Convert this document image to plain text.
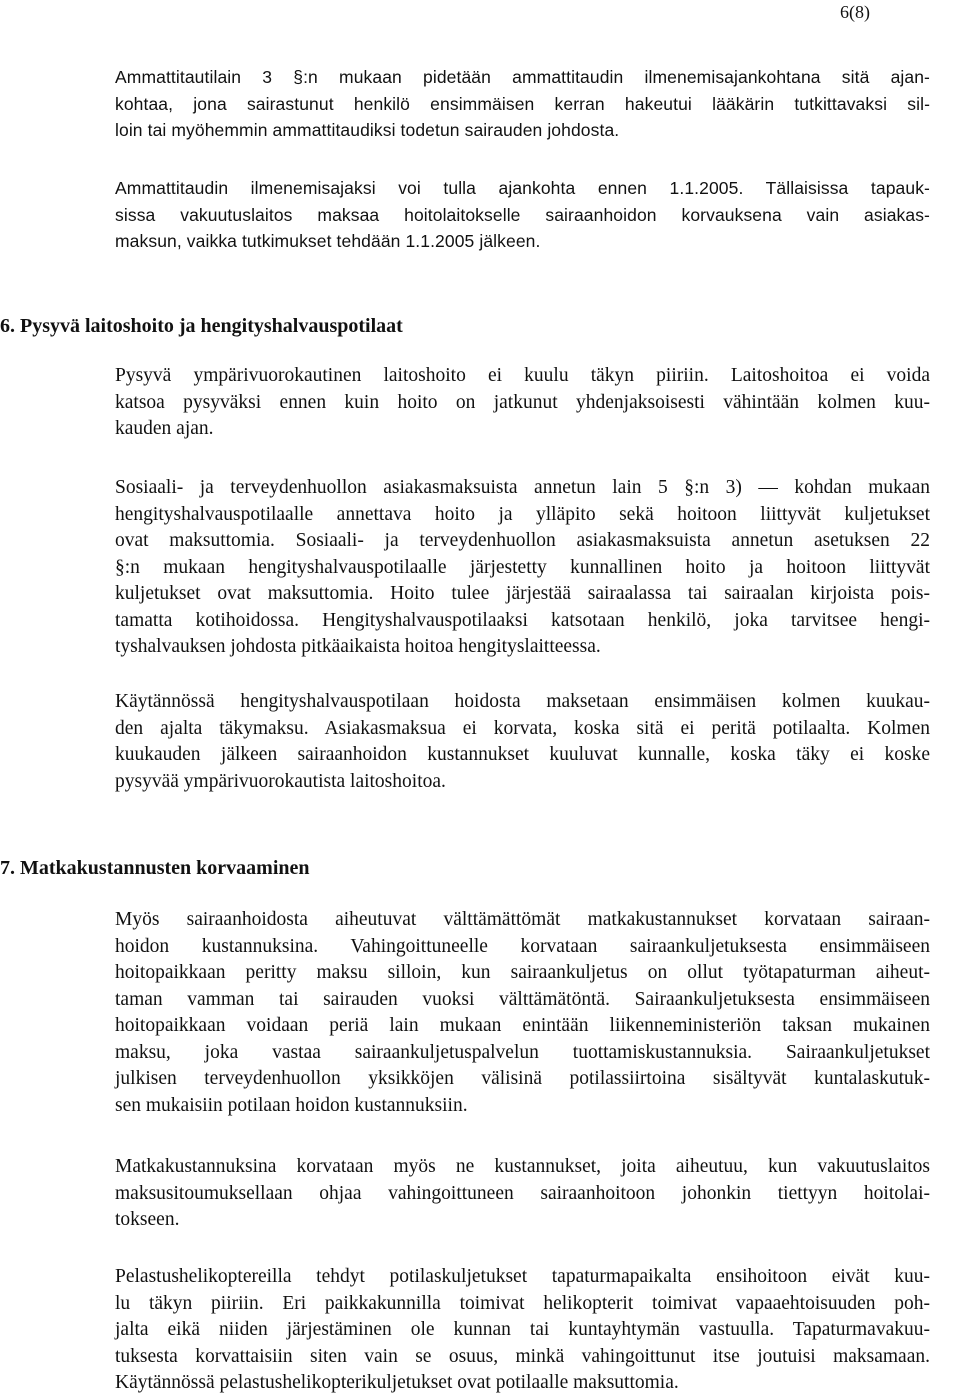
6(8)
Ammattitautilain 3 §:n mukaan pidetään ammattitaudin ilmenemisajankohtana sitä ajan-
kohtaa, jona sairastunut henkilö ensimmäisen kerran hakeutui lääkärin tutkittavaksi sil-
loin tai myöhemmin ammattitaudiksi todetun sairauden johdosta.
Ammattitaudin ilmenemisajaksi voi tulla ajankohta ennen 1.1.2005. Tällaisissa tapauk-
sissa vakuutuslaitos maksaa hoitolaitokselle sairaanhoidon korvauksena vain asiakas-
maksun, vaikka tutkimukset tehdään 1.1.2005 jälkeen.
6. Pysyvä laitoshoito ja hengityshalvauspotilaat
Pysyvä ympärivuorokautinen laitoshoito ei kuulu täkyn piiriin. Laitoshoitoa ei voida
katsoa pysyväksi ennen kuin hoito on jatkunut yhdenjaksoisesti vähintään kolmen kuu-
kauden ajan.
Sosiaali- ja terveydenhuollon asiakasmaksuista annetun lain 5 §:n 3) — kohdan mukaan
hengityshalvauspotilaalle annettava hoito ja ylläpito sekä hoitoon liittyvät kuljetukset
ovat maksuttomia. Sosiaali- ja terveydenhuollon asiakasmaksuista annetun asetuksen 22
§:n mukaan hengityshalvauspotilaalle järjestetty kunnallinen hoito ja hoitoon liittyvät
kuljetukset ovat maksuttomia. Hoito tulee järjestää sairaalassa tai sairaalan kirjoista pois-
tamatta kotihoidossa. Hengityshalvauspotilaaksi katsotaan henkilö, joka tarvitsee hengi-
tyshalvauksen johdosta pitkäaikaista hoitoa hengityslaitteessa.
Käytännössä hengityshalvauspotilaan hoidosta maksetaan ensimmäisen kolmen kuukau-
den ajalta täkymaksu. Asiakasmaksua ei korvata, koska sitä ei peritä potilaalta. Kolmen
kuukauden jälkeen sairaanhoidon kustannukset kuuluvat kunnalle, koska täky ei koske
pysyvää ympärivuorokautista laitoshoitoa.
7. Matkakustannusten korvaaminen
Myös sairaanhoidosta aiheutuvat välttämättömät matkakustannukset korvataan sairaan-
hoidon kustannuksina. Vahingoittuneelle korvataan sairaankuljetuksesta ensimmäiseen
hoitopaikkaan peritty maksu silloin, kun sairaankuljetus on ollut työtapaturman aiheut-
taman vamman tai sairauden vuoksi välttämätöntä. Sairaankuljetuksesta ensimmäiseen
hoitopaikkaan voidaan periä lain mukaan enintään liikenneministeriön taksan mukainen
maksu, joka vastaa sairaankuljetuspalvelun tuottamiskustannuksia. Sairaankuljetukset
julkisen terveydenhuollon yksikköjen välisinä potilassiirtoina sisältyvät kuntalaskutuk-
sen mukaisiin potilaan hoidon kustannuksiin.
Matkakustannuksina korvataan myös ne kustannukset, joita aiheutuu, kun vakuutuslaitos
maksusitoumuksellaan ohjaa vahingoittuneen sairaanhoitoon johonkin tiettyyn hoitolai-
tokseen.
Pelastushelikoptereilla tehdyt potilaskuljetukset tapaturmapaikalta ensihoitoon eivät kuu-
lu täkyn piiriin. Eri paikkakunnilla toimivat helikopterit toimivat vapaaehtoisuuden poh-
jalta eikä niiden järjestäminen ole kunnan tai kuntayhtymän vastuulla. Tapaturmavakuu-
tuksesta korvattaisiin siten vain se osuus, minkä vahingoittunut itse joutuisi maksamaan.
Käytännössä pelastushelikopterikuljetukset ovat potilaalle maksuttomia.
